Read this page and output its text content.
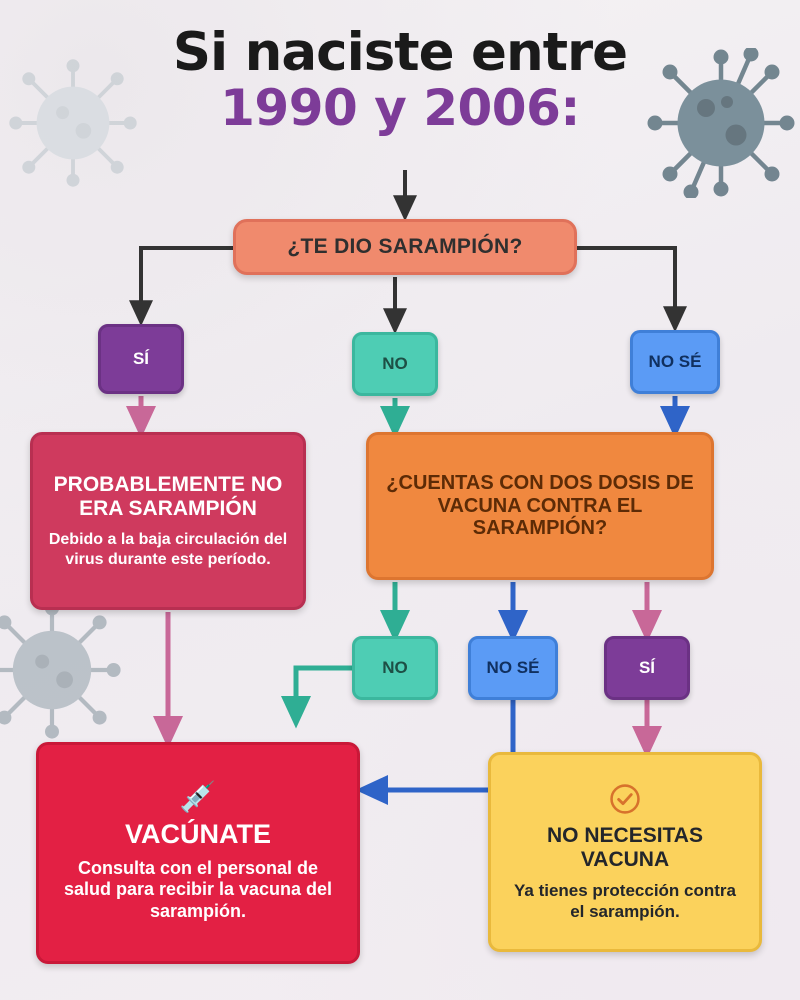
Si naciste entre
1990 y 2006:
¿TE DIO SARAMPIÓN?
SÍ	NO	NO SÉ
PROBABLEMENTE NO ERA SARAMPIÓN
Debido a la baja circulación del virus durante este período.
¿CUENTAS CON DOS DOSIS DE VACUNA CONTRA EL SARAMPIÓN?
NO	NO SÉ	SÍ
💉
VACÚNATE
Consulta con el personal de salud para recibir la vacuna del sarampión.
NO NECESITAS VACUNA
Ya tienes protección contra el sarampión.
